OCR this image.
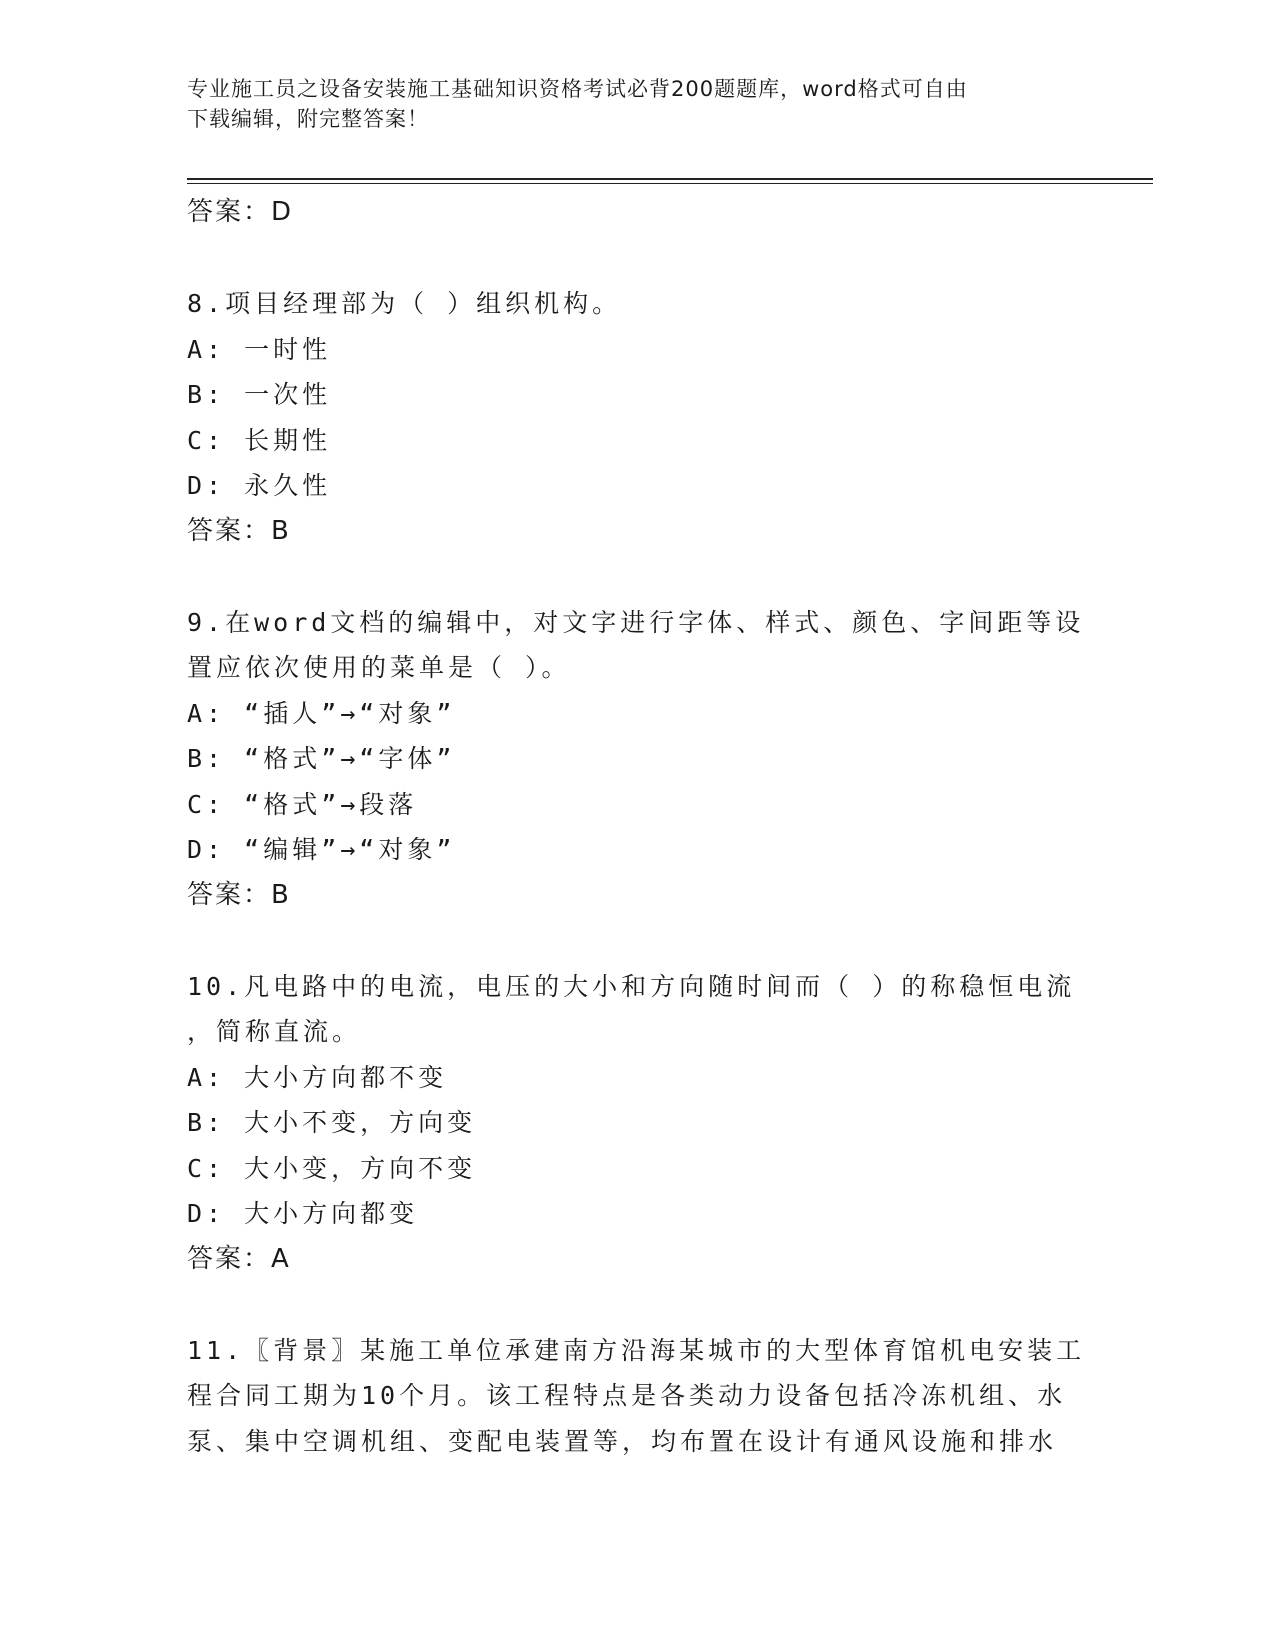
专业施工员之设备安装施工基础知识资格考试必背200题题库，word格式可自由
下载编辑，附完整答案！
答案：D
8.项目经理部为（ ）组织机构。
A: 一时性
B: 一次性
C: 长期性
D: 永久性
答案：B
9.在word文档的编辑中，对文字进行字体、样式、颜色、字间距等设
置应依次使用的菜单是（ ）。
A: “插人”→“对象”
B: “格式”→“字体”
C: “格式”→段落
D: “编辑”→“对象”
答案：B
10.凡电路中的电流，电压的大小和方向随时间而（ ）的称稳恒电流
，简称直流。
A: 大小方向都不变
B: 大小不变，方向变
C: 大小变，方向不变
D: 大小方向都变
答案：A
11.〖背景〗某施工单位承建南方沿海某城市的大型体育馆机电安装工
程合同工期为10个月。该工程特点是各类动力设备包括冷冻机组、水
泵、集中空调机组、变配电装置等，均布置在设计有通风设施和排水
